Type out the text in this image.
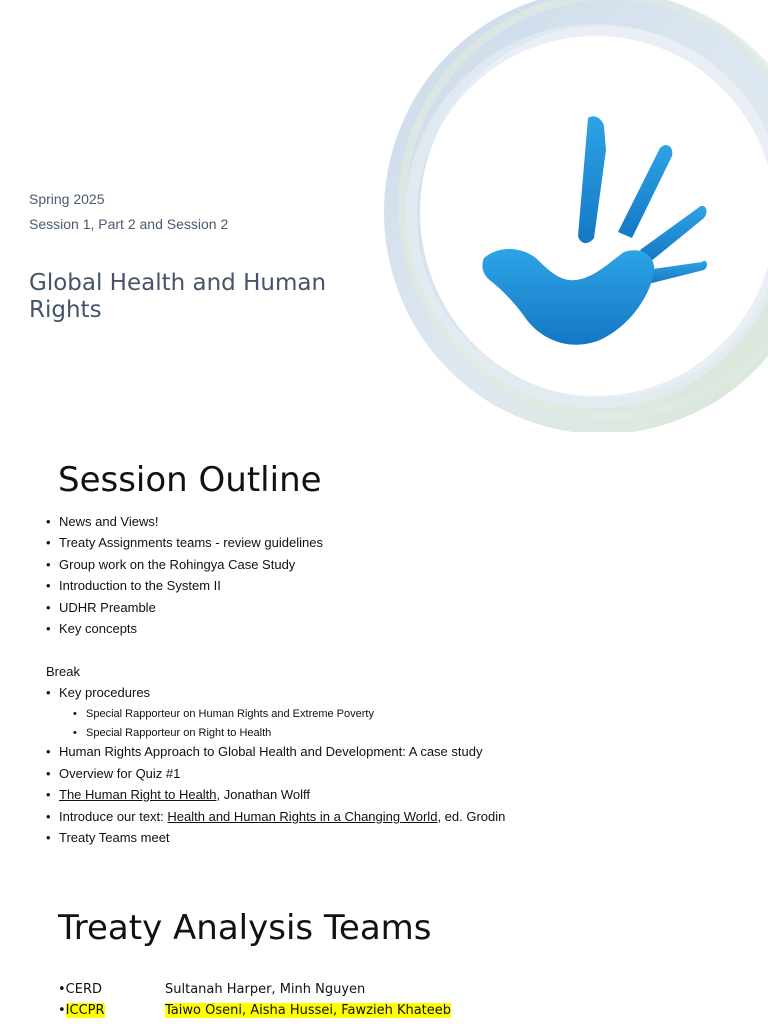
Spring 2025
Session 1, Part 2 and Session 2
Global Health and Human Rights
Session Outline
• News and Views!
• Treaty Assignments teams - review guidelines
• Group work on the Rohingya Case Study
• Introduction to the System II
• UDHR Preamble
• Key concepts
Break
• Key procedures
• Special Rapporteur on Human Rights and Extreme Poverty
• Special Rapporteur on Right to Health
• Human Rights Approach to Global Health and Development: A case study
• Overview for Quiz #1
• The Human Right to Health, Jonathan Wolff
• Introduce our text: Health and Human Rights in a Changing World, ed. Grodin
• Treaty Teams meet
Treaty Analysis Teams
•CERD	Sultanah Harper, Minh Nguyen
•ICCPR	Taiwo Oseni, Aisha Hussei, Fawzieh Khateeb
